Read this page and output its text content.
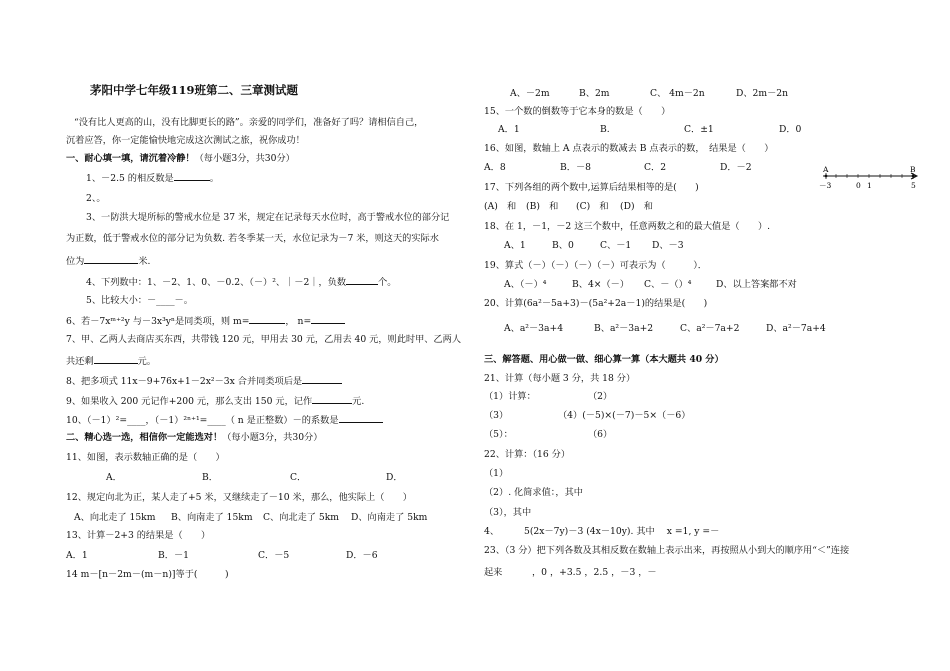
茅阳中学七年级119班第二、三章测试题
“没有比人更高的山，没有比脚更长的路”。亲爱的同学们，准备好了吗？请相信自己，
沉着应答，你一定能愉快地完成这次测试之旅，祝你成功！
一、耐心填一填，请沉着冷静！（每小题3分，共30分）
1、－2.5 的相反数是	。
2、。
3、一防洪大堤所标的警戒水位是 37 米，规定在记录每天水位时，高于警戒水位的部分记
为正数，低于警戒水位的部分记为负数. 若冬季某一天，水位记录为－7 米，则这天的实际水
位为	米.
4、下列数中：1、－2、1、0、－0.2、（－）²、｜－2｜，负数	个。
5、比较大小：－____－。
6、若－7xᵐ⁺²y 与－3x³yⁿ是同类项，则 m=	， n=
7、甲、乙两人去商店买东西，共带钱 120 元，甲用去 30 元，乙用去 40 元，则此时甲、乙两人
共还剩	元。
8、把多项式 11x－9+76x+1－2x²－3x 合并同类项后是
9、如果收入 200 元记作+200 元，那么支出 150 元，记作	元.
10、（－1）²=____，（－1）²ⁿ⁺¹=____（ n 是正整数）－的系数是
二、精心选一选，相信你一定能选对！（每小题3分，共30分）
11、如图，表示数轴正确的是（　　）
A．	B．	C．	D．
12、规定向北为正，某人走了+5 米，又继续走了－10 米，那么，他实际上（　　）
A、向北走了 15km B、向南走了 15km C、向北走了 5km D、向南走了 5km
13、计算－2+3 的结果是（　　）
A．1	B．－1	C．－5	D．－6
14 m－[n－2m－(m－n)]等于(　　　)
A、－2m	B、2m	C、 4m－2n	D、2m－2n
15、一个数的倒数等于它本身的数是（　　）
A．1	B.	C．±1	D．0
16、如图，数轴上 A 点表示的数减去 B 点表示的数，　结果是（　　）
A．8	B．－8	C．2	D．－2	A	B
－3	0 1	5
17、下列各组的两个数中,运算后结果相等的是(　　)
(A)　和 (B)　和 (C)　和 (D)　和
18、在 1，－1，－2 这三个数中，任意两数之和的最大值是（　　）.
A、1	B、0	C、－1 D、－3
19、算式（－）（－）（－）（－）可表示为（　　　）．
A、（－）⁴	B、4×（－） C、－（）⁴	D、以上答案都不对
20、计算(6a²－5a+3)－(5a²+2a－1)的结果是(　　)
A、a²－3a+4	B、a²－3a+2	C、a²－7a+2	D、a²－7a+4
三、解答题、用心做一做、细心算一算（本大题共 40 分）
21、计算（每小题 3 分，共 18 分）
（1）计算：	（2）
（3）	（4）(－5)×(－7)－5×（－6）
（5）：	（6）
22、计算：（16 分）
（1）
（2）. 化简求值：，其中
（3），其中
4、	5(2x－7y)－3 (4x－10y). 其中　 x =1, y =－
23、（3 分）把下列各数及其相反数在数轴上表示出来，再按照从小到大的顺序用“＜”连接
起来	，0 ，+3.5 ，2.5 ，－3 ，－
